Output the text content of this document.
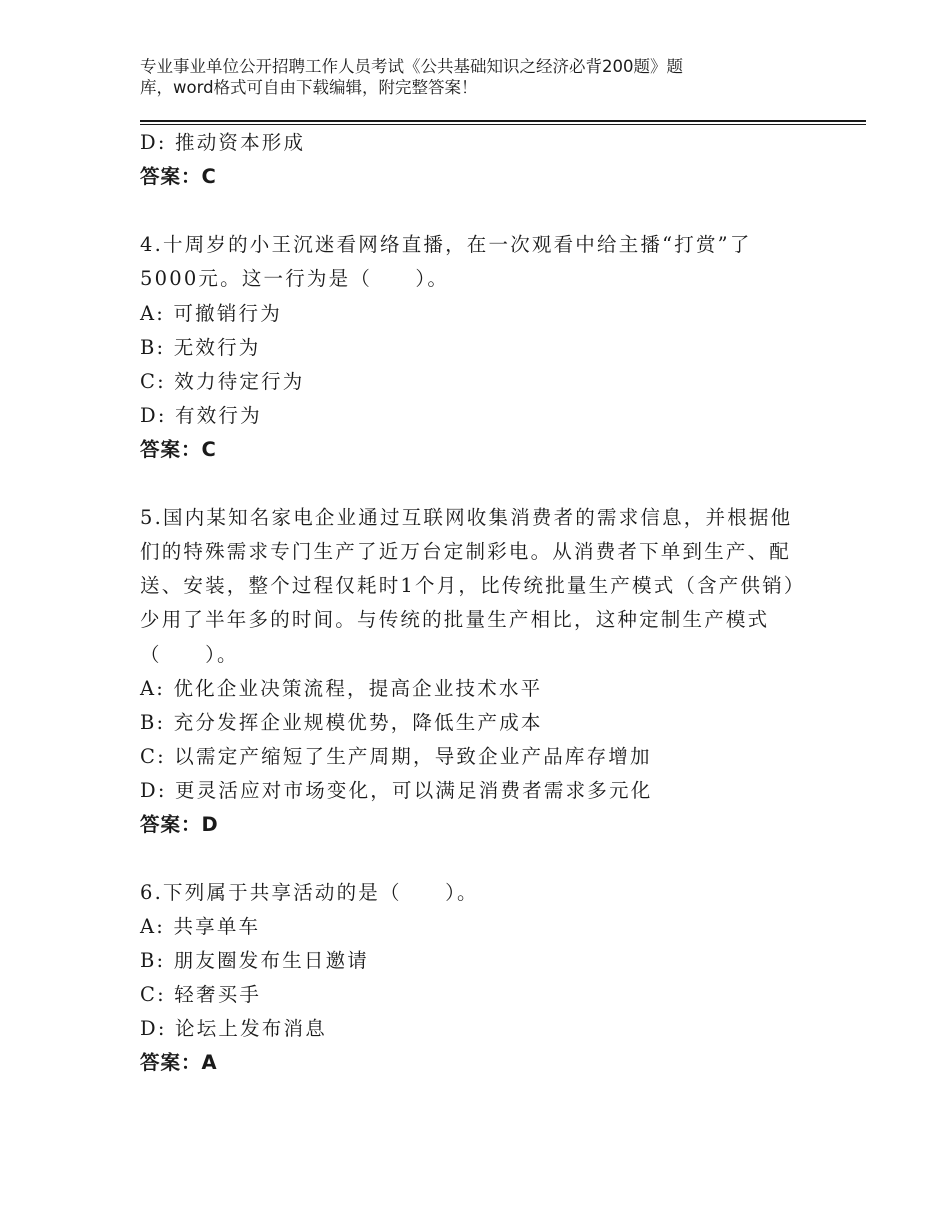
专业事业单位公开招聘工作人员考试《公共基础知识之经济必背200题》题
库，word格式可自由下载编辑，附完整答案！
D: 推动资本形成
答案：C
4.十周岁的小王沉迷看网络直播，在一次观看中给主播“打赏”了5000元。这一行为是（　　）。
A: 可撤销行为
B: 无效行为
C: 效力待定行为
D: 有效行为
答案：C
5.国内某知名家电企业通过互联网收集消费者的需求信息，并根据他们的特殊需求专门生产了近万台定制彩电。从消费者下单到生产、配送、安装，整个过程仅耗时1个月，比传统批量生产模式（含产供销）少用了半年多的时间。与传统的批量生产相比，这种定制生产模式（　　）。
A: 优化企业决策流程，提高企业技术水平
B: 充分发挥企业规模优势，降低生产成本
C: 以需定产缩短了生产周期，导致企业产品库存增加
D: 更灵活应对市场变化，可以满足消费者需求多元化
答案：D
6.下列属于共享活动的是（　　）。
A: 共享单车
B: 朋友圈发布生日邀请
C: 轻奢买手
D: 论坛上发布消息
答案：A
